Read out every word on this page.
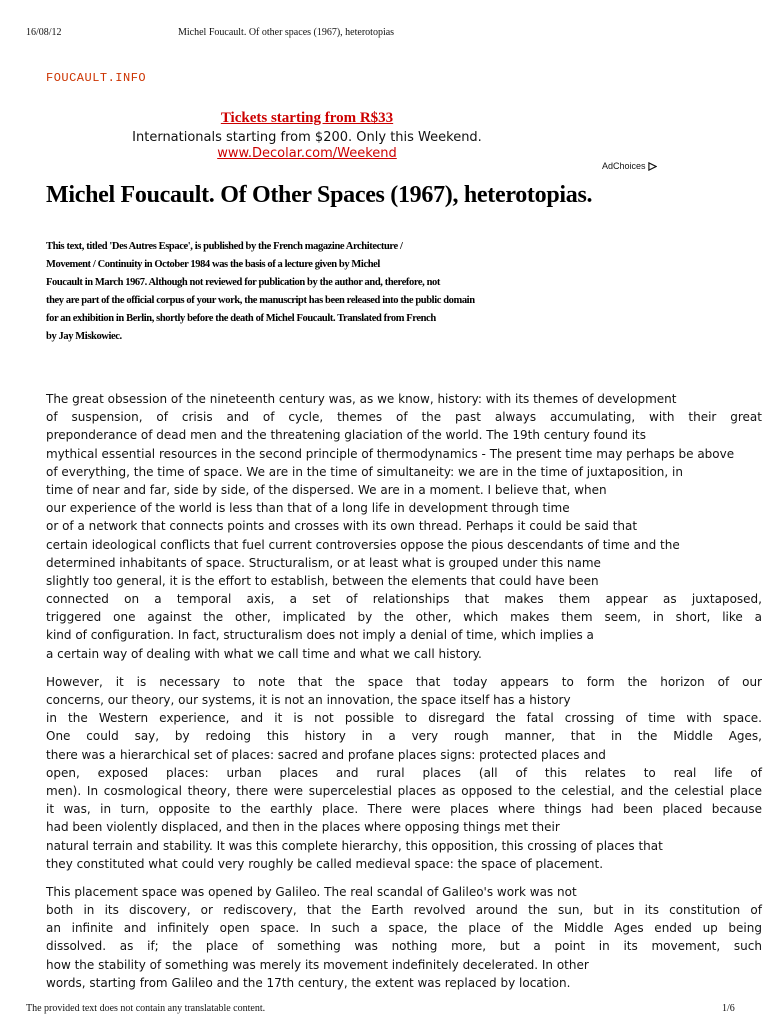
16/08/12	Michel Foucault. Of other spaces (1967), heterotopias
FOUCAULT.INFO
Tickets starting from R$33
Internationals starting from $200. Only this Weekend.
www.Decolar.com/Weekend
AdChoices
Michel Foucault. Of Other Spaces (1967), heterotopias.

This text, titled 'Des Autres Espace', is published by the French magazine Architecture /

Movement / Continuity in October 1984 was the basis of a lecture given by Michel

Foucault in March 1967. Although not reviewed for publication by the author and, therefore, not

they are part of the official corpus of your work, the manuscript has been released into the public domain

for an exhibition in Berlin, shortly before the death of Michel Foucault. Translated from French

by Jay Miskowiec.

The great obsession of the nineteenth century was, as we know, history: with its themes of development
of suspension, of crisis and of cycle, themes of the past always accumulating, with their great
preponderance of dead men and the threatening glaciation of the world. The 19th century found its
mythical essential resources in the second principle of thermodynamics - The present time may perhaps be above
of everything, the time of space. We are in the time of simultaneity: we are in the time of juxtaposition, in
time of near and far, side by side, of the dispersed. We are in a moment. I believe that, when
our experience of the world is less than that of a long life in development through time
or of a network that connects points and crosses with its own thread. Perhaps it could be said that
certain ideological conflicts that fuel current controversies oppose the pious descendants of time and the
determined inhabitants of space. Structuralism, or at least what is grouped under this name
slightly too general, it is the effort to establish, between the elements that could have been
connected on a temporal axis, a set of relationships that makes them appear as juxtaposed,
triggered one against the other, implicated by the other, which makes them seem, in short, like a
kind of configuration. In fact, structuralism does not imply a denial of time, which implies a
a certain way of dealing with what we call time and what we call history.

However, it is necessary to note that the space that today appears to form the horizon of our
concerns, our theory, our systems, it is not an innovation, the space itself has a history
in the Western experience, and it is not possible to disregard the fatal crossing of time with space.
One could say, by redoing this history in a very rough manner, that in the Middle Ages,
there was a hierarchical set of places: sacred and profane places signs: protected places and
open, exposed places: urban places and rural places (all of this relates to real life of
men). In cosmological theory, there were supercelestial places as opposed to the celestial, and the celestial place
it was, in turn, opposite to the earthly place. There were places where things had been placed because
had been violently displaced, and then in the places where opposing things met their
natural terrain and stability. It was this complete hierarchy, this opposition, this crossing of places that
they constituted what could very roughly be called medieval space: the space of placement.

This placement space was opened by Galileo. The real scandal of Galileo's work was not
both in its discovery, or rediscovery, that the Earth revolved around the sun, but in its constitution of
an infinite and infinitely open space. In such a space, the place of the Middle Ages ended up being
dissolved. as if; the place of something was nothing more, but a point in its movement, such
how the stability of something was merely its movement indefinitely decelerated. In other
words, starting from Galileo and the 17th century, the extent was replaced by location.

The provided text does not contain any translatable content.	1/6
